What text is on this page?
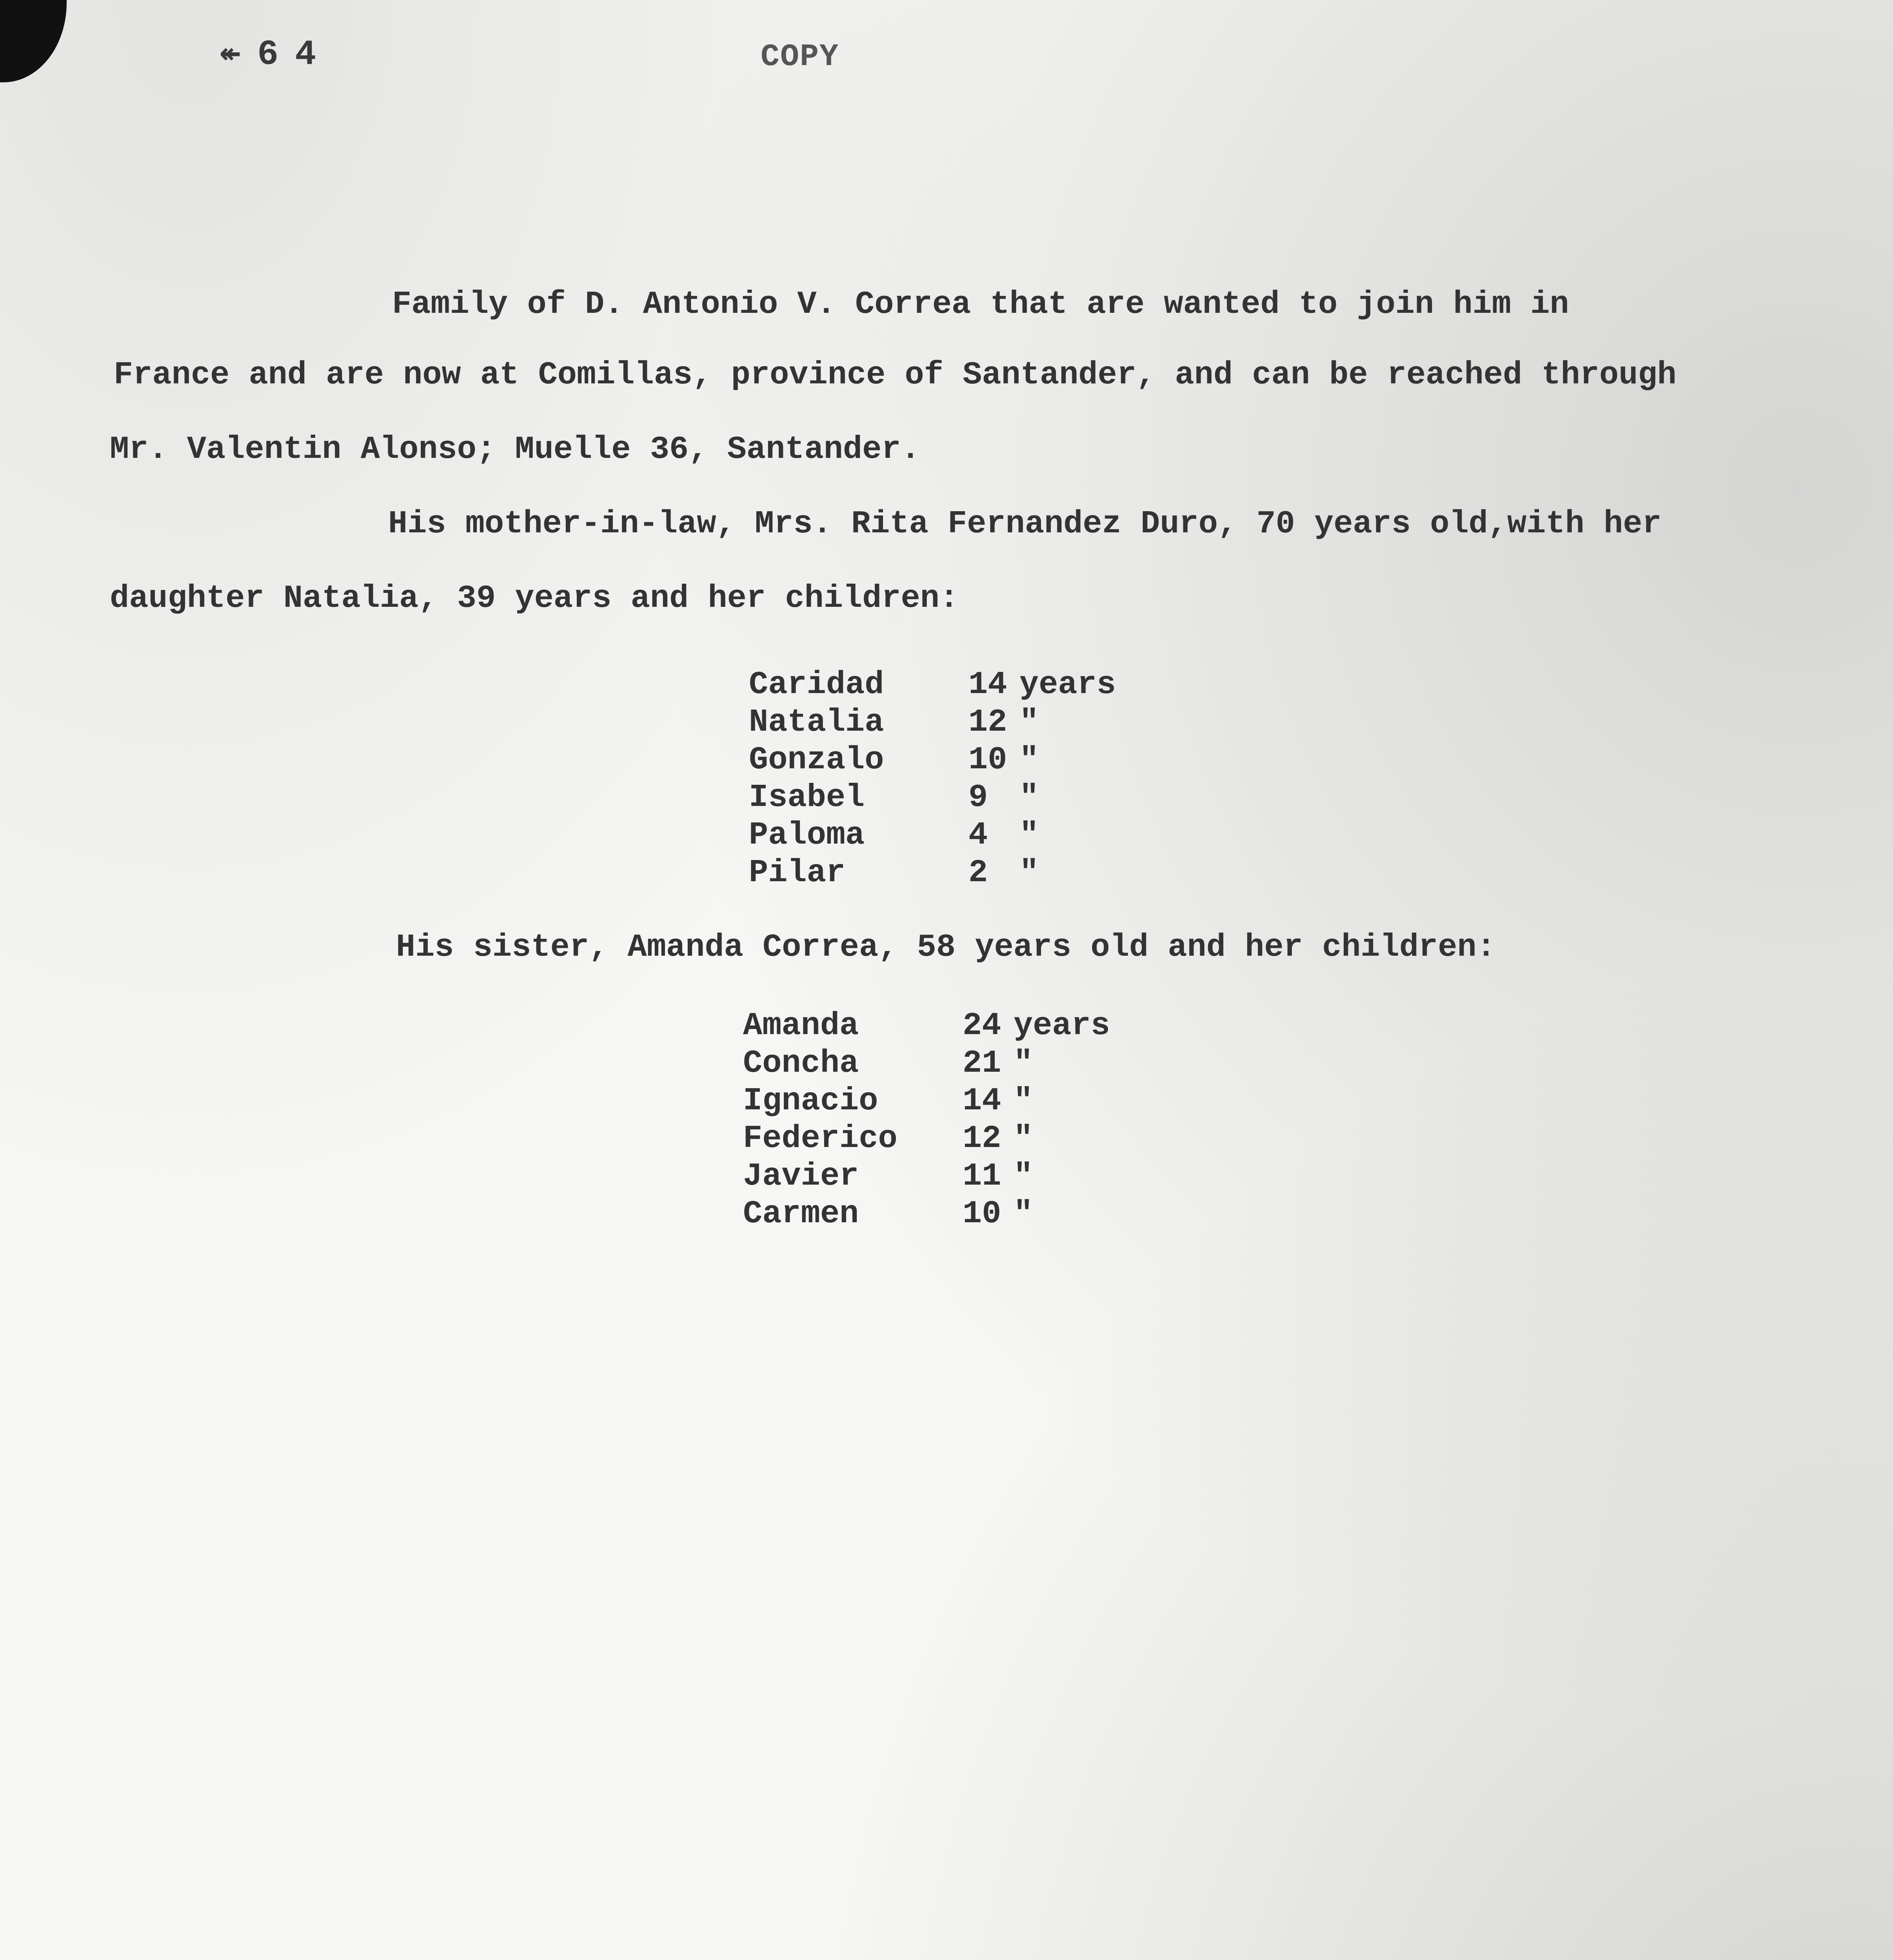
↞ 6 4	COPY
Family of D. Antonio V. Correa that are wanted to join him in
France and are now at Comillas, province of Santander, and can be reached through
Mr. Valentin Alonso; Muelle 36, Santander.
His mother-in-law, Mrs. Rita Fernandez Duro, 70 years old,with her
daughter Natalia, 39 years and her children:
Caridad	14 years
Natalia	12 "
Gonzalo	10 "
Isabel	9 "
Paloma	4 "
Pilar	2 "
His sister, Amanda Correa, 58 years old and her children:
Amanda	24 years
Concha	21 "
Ignacio	14 "
Federico 12 "
Javier	11 "
Carmen	10 "
